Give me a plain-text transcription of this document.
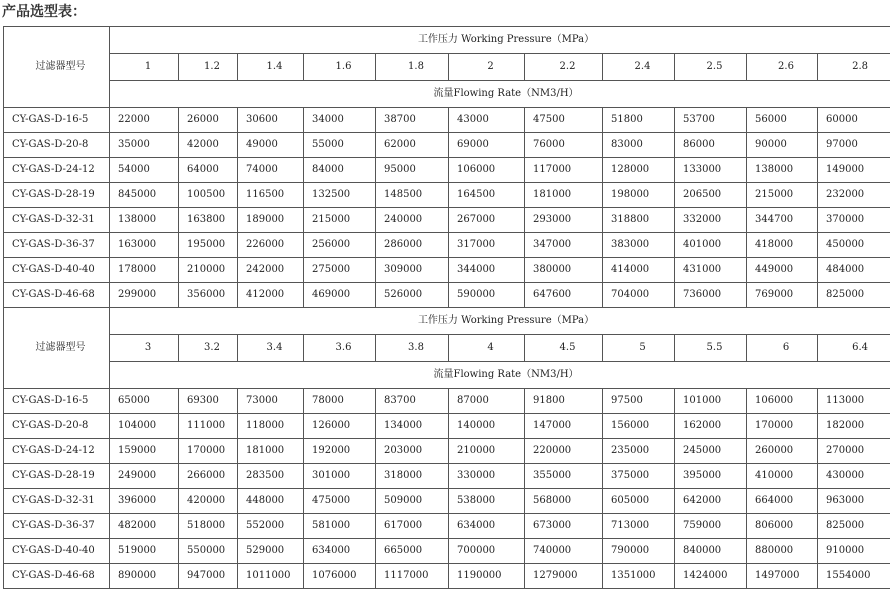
产品选型表：
过滤器型号	工作压力 Working Pressure（MPa）										
	1	1.2	1.4	1.6	1.8	2	2.2	2.4	2.5	2.6	2.8
	流量Flowing Rate（NM3/H）										
CY-GAS-D-16-5	22000	26000	30600	34000	38700	43000	47500	51800	53700	56000	60000
CY-GAS-D-20-8	35000	42000	49000	55000	62000	69000	76000	83000	86000	90000	97000
CY-GAS-D-24-12	54000	64000	74000	84000	95000	106000	117000	128000	133000	138000	149000
CY-GAS-D-28-19	845000	100500	116500	132500	148500	164500	181000	198000	206500	215000	232000
CY-GAS-D-32-31	138000	163800	189000	215000	240000	267000	293000	318800	332000	344700	370000
CY-GAS-D-36-37	163000	195000	226000	256000	286000	317000	347000	383000	401000	418000	450000
CY-GAS-D-40-40	178000	210000	242000	275000	309000	344000	380000	414000	431000	449000	484000
CY-GAS-D-46-68	299000	356000	412000	469000	526000	590000	647600	704000	736000	769000	825000
过滤器型号	工作压力 Working Pressure（MPa）										
	3	3.2	3.4	3.6	3.8	4	4.5	5	5.5	6	6.4
	流量Flowing Rate（NM3/H）										
CY-GAS-D-16-5	65000	69300	73000	78000	83700	87000	91800	97500	101000	106000	113000
CY-GAS-D-20-8	104000	111000	118000	126000	134000	140000	147000	156000	162000	170000	182000
CY-GAS-D-24-12	159000	170000	181000	192000	203000	210000	220000	235000	245000	260000	270000
CY-GAS-D-28-19	249000	266000	283500	301000	318000	330000	355000	375000	395000	410000	430000
CY-GAS-D-32-31	396000	420000	448000	475000	509000	538000	568000	605000	642000	664000	963000
CY-GAS-D-36-37	482000	518000	552000	581000	617000	634000	673000	713000	759000	806000	825000
CY-GAS-D-40-40	519000	550000	529000	634000	665000	700000	740000	790000	840000	880000	910000
CY-GAS-D-46-68	890000	947000	1011000	1076000	1117000	1190000	1279000	1351000	1424000	1497000	1554000
